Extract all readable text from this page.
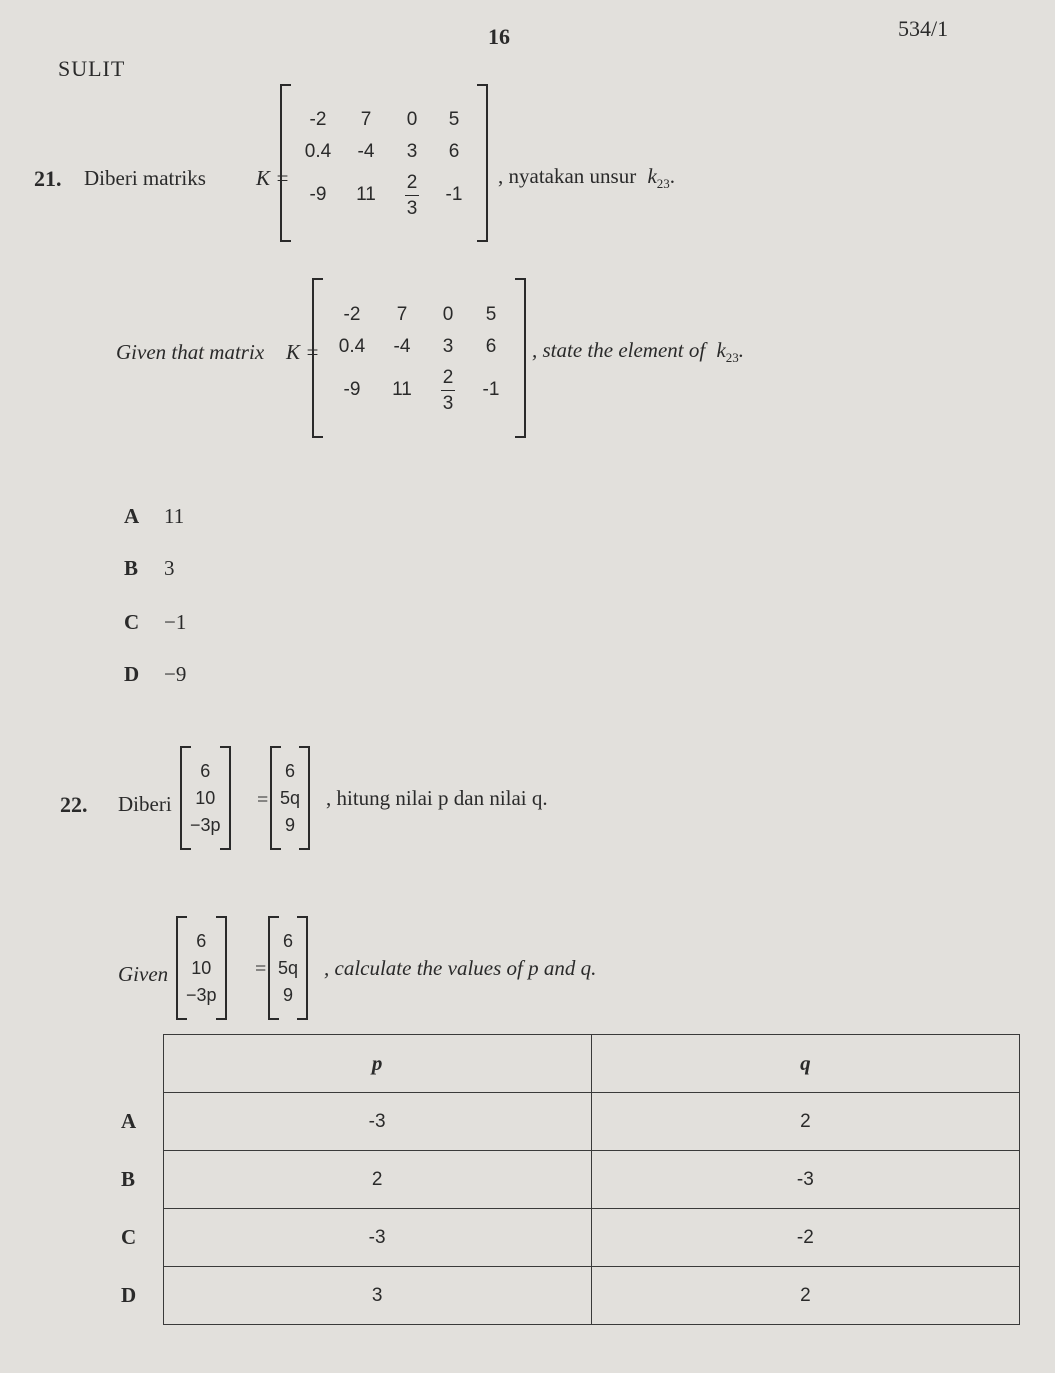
16	534/1
SULIT
21. Diberi matriks K =
-2 7 0 5
0.4 -4 3 6
-9 $11 \frac{2}{3} -1$
, nyatakan unsur $k_{23}$.
Given that matrix K =
-2 7 0 5
0.4 -4 3 6
-9 $11 \frac{2}{3} -1$
, state the element of $k_{23}$.
A 11
B 3
C −1
D −9
22. Diberi
6
10
−3p
=
6
5q
9
, hitung nilai p dan nilai q.
Given
6
10
−3p
=
6
5q
9
, calculate the values of p and q.
	p	q
A	-3	2
B	2	-3
C	-3	-2
D	3	2
